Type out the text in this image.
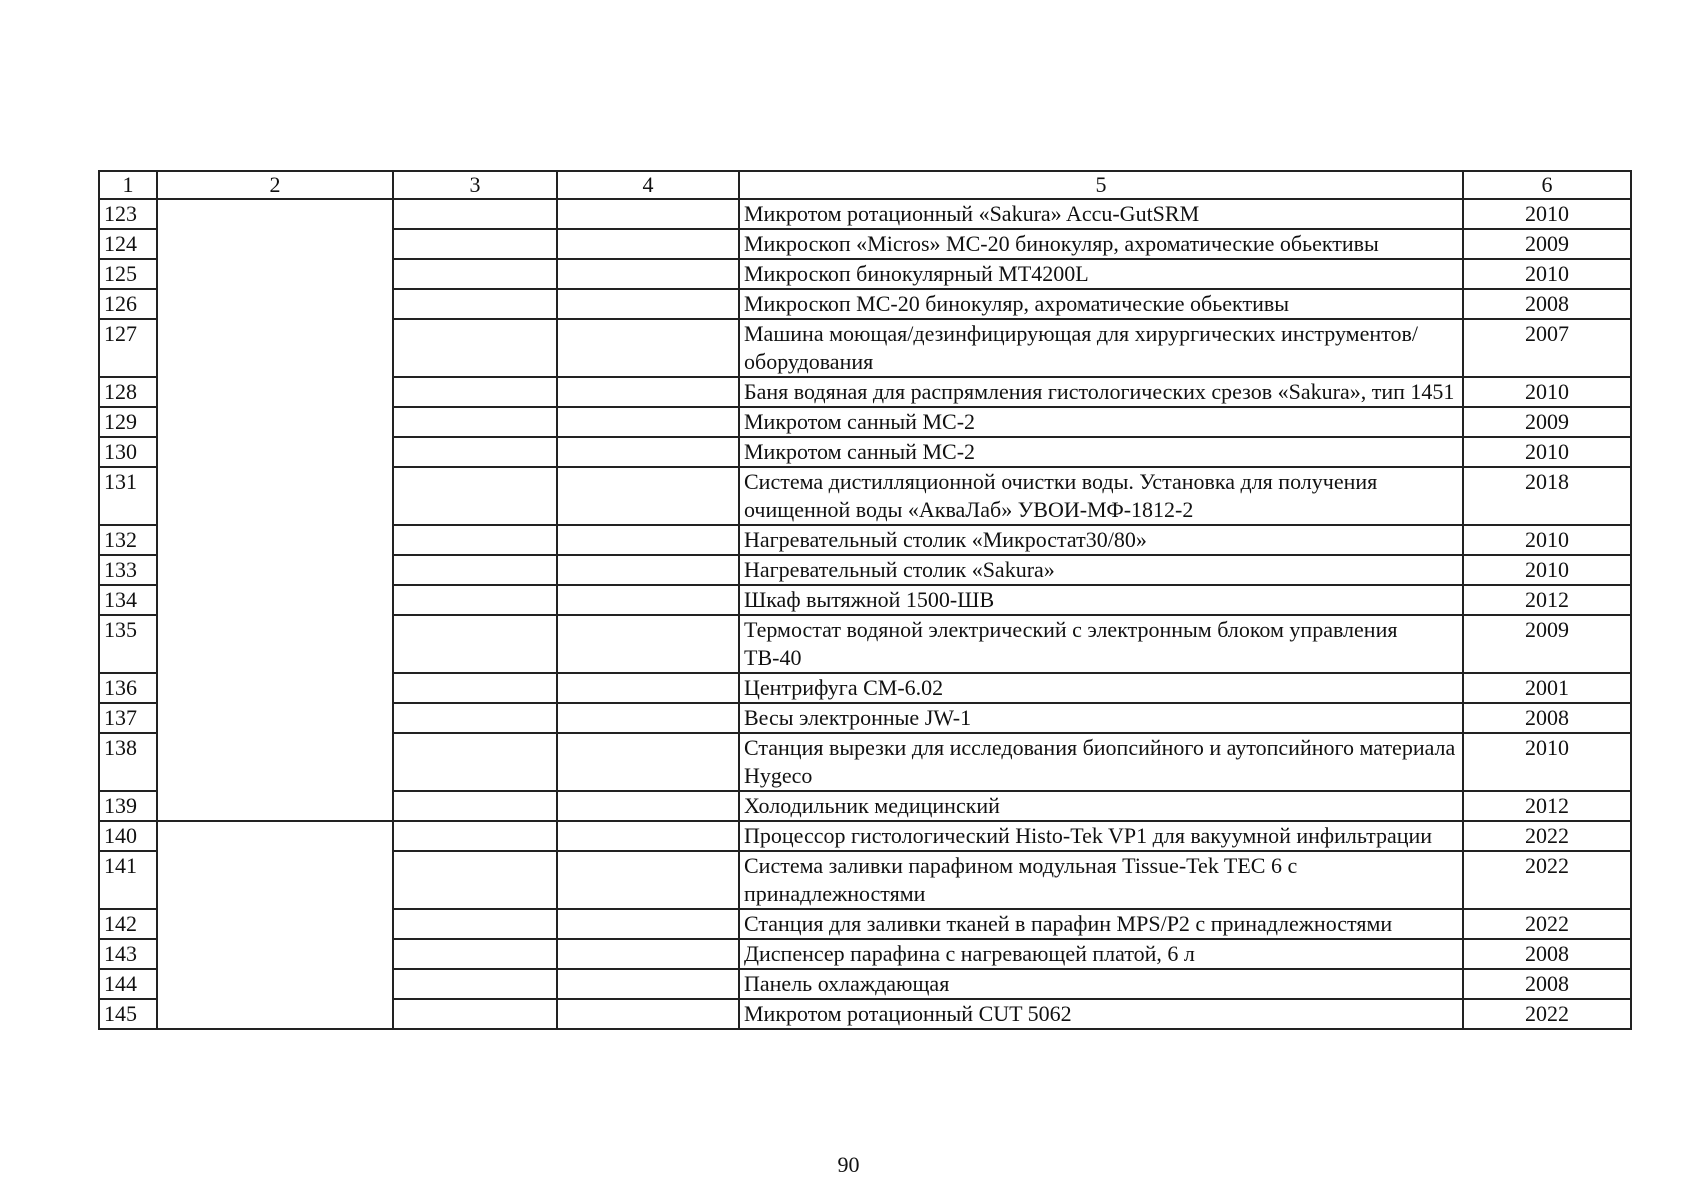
1	2	3	4	5	6
123				Микротом ротационный «Sakura» Accu-GutSRM	2010
124				Микроскоп «Micros» МС-20 бинокуляр, ахроматические обьективы	2009
125				Микроскоп бинокулярный МТ4200L	2010
126				Микроскоп МС-20 бинокуляр, ахроматические обьективы	2008
127				Машина моющая/дезинфицирующая для хирургических инструментов/оборудования	2007
128				Баня водяная для распрямления гистологических срезов «Sakura», тип 1451	2010
129				Микротом санный МС-2	2009
130				Микротом санный МС-2	2010
131				Система дистилляционной очистки воды. Установка для получения очищенной воды «АкваЛаб» УВОИ-МФ-1812-2	2018
132				Нагревательный столик «Микростат30/80»	2010
133				Нагревательный столик «Sakura»	2010
134				Шкаф вытяжной 1500-ШВ	2012
135				Термостат водяной электрический с электронным блоком управления ТВ-40	2009
136				Центрифуга СМ-6.02	2001
137				Весы электронные JW-1	2008
138				Станция вырезки для исследования биопсийного и аутопсийного материала Hygeco	2010
139				Холодильник медицинский	2012
140				Процессор гистологический Histo-Tek VP1 для вакуумной инфильтрации	2022
141				Система заливки парафином модульная Tissue-Tek TEC 6 с принадлежностями	2022
142				Станция для заливки тканей в парафин MPS/P2 с принадлежностями	2022
143				Диспенсер парафина с нагревающей платой, 6 л	2008
144				Панель охлаждающая	2008
145				Микротом ротационный CUT 5062	2022
90
